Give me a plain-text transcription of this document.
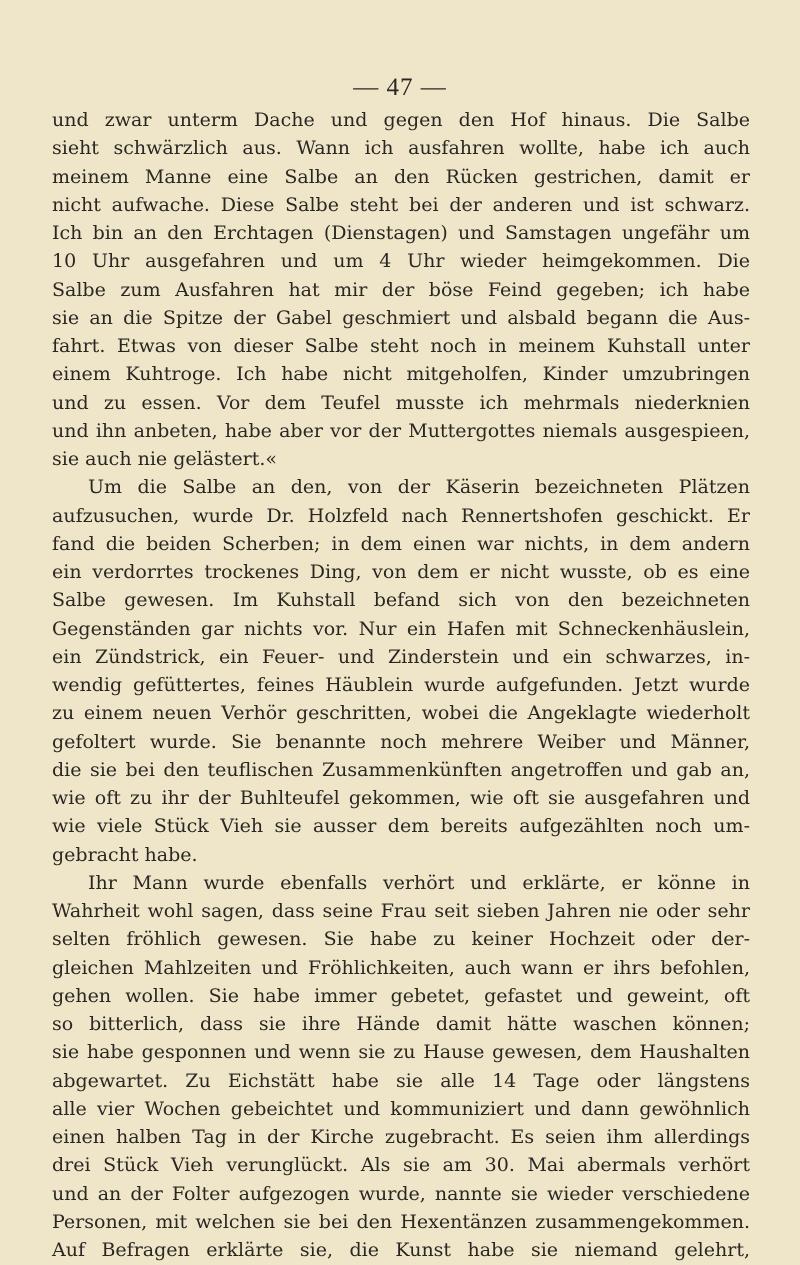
— 47 —
und zwar unterm Dache und gegen den Hof hinaus. Die Salbe
sieht schwärzlich aus. Wann ich ausfahren wollte, habe ich auch
meinem Manne eine Salbe an den Rücken gestrichen, damit er
nicht aufwache. Diese Salbe steht bei der anderen und ist schwarz.
Ich bin an den Erchtagen (Dienstagen) und Samstagen ungefähr um
10 Uhr ausgefahren und um 4 Uhr wieder heimgekommen. Die
Salbe zum Ausfahren hat mir der böse Feind gegeben; ich habe
sie an die Spitze der Gabel geschmiert und alsbald begann die Aus-
fahrt. Etwas von dieser Salbe steht noch in meinem Kuhstall unter
einem Kuhtroge. Ich habe nicht mitgeholfen, Kinder umzubringen
und zu essen. Vor dem Teufel musste ich mehrmals niederknien
und ihn anbeten, habe aber vor der Muttergottes niemals ausgespieen,
sie auch nie gelästert.«
Um die Salbe an den, von der Käserin bezeichneten Plätzen
aufzusuchen, wurde Dr. Holzfeld nach Rennertshofen geschickt. Er
fand die beiden Scherben; in dem einen war nichts, in dem andern
ein verdorrtes trockenes Ding, von dem er nicht wusste, ob es eine
Salbe gewesen. Im Kuhstall befand sich von den bezeichneten
Gegenständen gar nichts vor. Nur ein Hafen mit Schneckenhäuslein,
ein Zündstrick, ein Feuer- und Zinderstein und ein schwarzes, in-
wendig gefüttertes, feines Häublein wurde aufgefunden. Jetzt wurde
zu einem neuen Verhör geschritten, wobei die Angeklagte wiederholt
gefoltert wurde. Sie benannte noch mehrere Weiber und Männer,
die sie bei den teuflischen Zusammenkünften angetroffen und gab an,
wie oft zu ihr der Buhlteufel gekommen, wie oft sie ausgefahren und
wie viele Stück Vieh sie ausser dem bereits aufgezählten noch um-
gebracht habe.
Ihr Mann wurde ebenfalls verhört und erklärte, er könne in
Wahrheit wohl sagen, dass seine Frau seit sieben Jahren nie oder sehr
selten fröhlich gewesen. Sie habe zu keiner Hochzeit oder der-
gleichen Mahlzeiten und Fröhlichkeiten, auch wann er ihrs befohlen,
gehen wollen. Sie habe immer gebetet, gefastet und geweint, oft
so bitterlich, dass sie ihre Hände damit hätte waschen können;
sie habe gesponnen und wenn sie zu Hause gewesen, dem Haushalten
abgewartet. Zu Eichstätt habe sie alle 14 Tage oder längstens
alle vier Wochen gebeichtet und kommuniziert und dann gewöhnlich
einen halben Tag in der Kirche zugebracht. Es seien ihm allerdings
drei Stück Vieh verunglückt. Als sie am 30. Mai abermals verhört
und an der Folter aufgezogen wurde, nannte sie wieder verschiedene
Personen, mit welchen sie bei den Hexentänzen zusammengekommen.
Auf Befragen erklärte sie, die Kunst habe sie niemand gelehrt,
